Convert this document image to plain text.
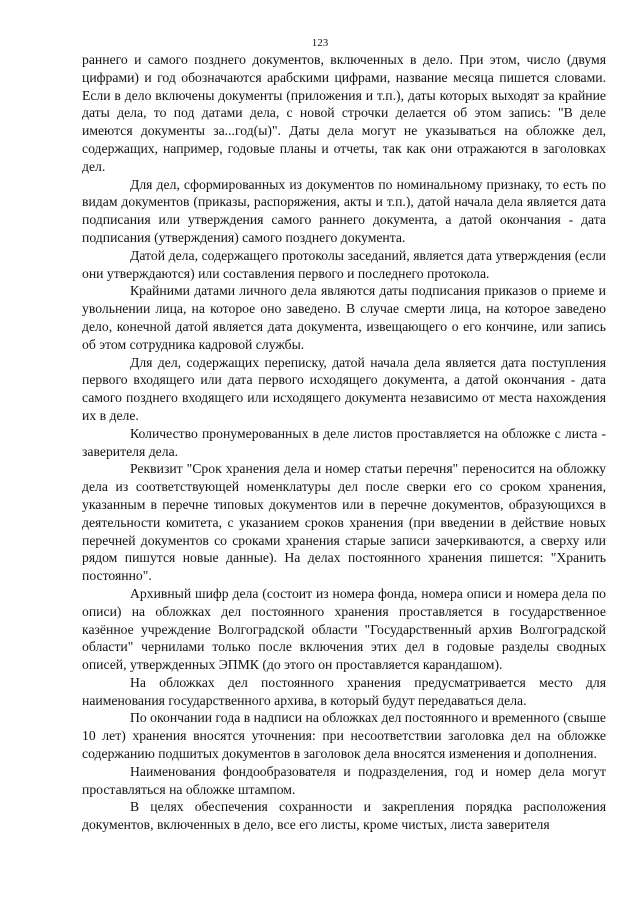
123

раннего и самого позднего документов, включенных в дело. При этом, число (двумя цифрами) и год обозначаются арабскими цифрами, название месяца пишется словами. Если в дело включены документы (приложения и т.п.), даты которых выходят за крайние даты дела, то под датами дела, с новой строчки делается об этом запись: "В деле имеются документы за...год(ы)". Даты дела могут не указываться на обложке дел, содержащих, например, годовые планы и отчеты, так как они отражаются в заголовках дел.

Для дел, сформированных из документов по номинальному признаку, то есть по видам документов (приказы, распоряжения, акты и т.п.), датой начала дела является дата подписания или утверждения самого раннего документа, а датой окончания - дата подписания (утверждения) самого позднего документа.

Датой дела, содержащего протоколы заседаний, является дата утверждения (если они утверждаются) или составления первого и последнего протокола.

Крайними датами личного дела являются даты подписания приказов о приеме и увольнении лица, на которое оно заведено. В случае смерти лица, на которое заведено дело, конечной датой является дата документа, извещающего о его кончине, или запись об этом сотрудника кадровой службы.

Для дел, содержащих переписку, датой начала дела является дата поступления первого входящего или дата первого исходящего документа, а датой окончания - дата самого позднего входящего или исходящего документа независимо от места нахождения их в деле.

Количество пронумерованных в деле листов проставляется на обложке с листа - заверителя дела.

Реквизит "Срок хранения дела и номер статьи перечня" переносится на обложку дела из соответствующей номенклатуры дел после сверки его со сроком хранения, указанным в перечне типовых документов или в перечне документов, образующихся в деятельности комитета, с указанием сроков хранения (при введении в действие новых перечней документов со сроками хранения старые записи зачеркиваются, а сверху или рядом пишутся новые данные). На делах постоянного хранения пишется: "Хранить постоянно".

Архивный шифр дела (состоит из номера фонда, номера описи и номера дела по описи) на обложках дел постоянного хранения проставляется в государственное казённое учреждение Волгоградской области "Государственный архив Волгоградской области" чернилами только после включения этих дел в годовые разделы сводных описей, утвержденных ЭПМК (до этого он проставляется карандашом).

На обложках дел постоянного хранения предусматривается место для наименования государственного архива, в который будут передаваться дела.

По окончании года в надписи на обложках дел постоянного и временного (свыше 10 лет) хранения вносятся уточнения: при несоответствии заголовка дел на обложке содержанию подшитых документов в заголовок дела вносятся изменения и дополнения.

Наименования фондообразователя и подразделения, год и номер дела могут проставляться на обложке штампом.

В целях обеспечения сохранности и закрепления порядка расположения документов, включенных в дело, все его листы, кроме чистых, листа заверителя
